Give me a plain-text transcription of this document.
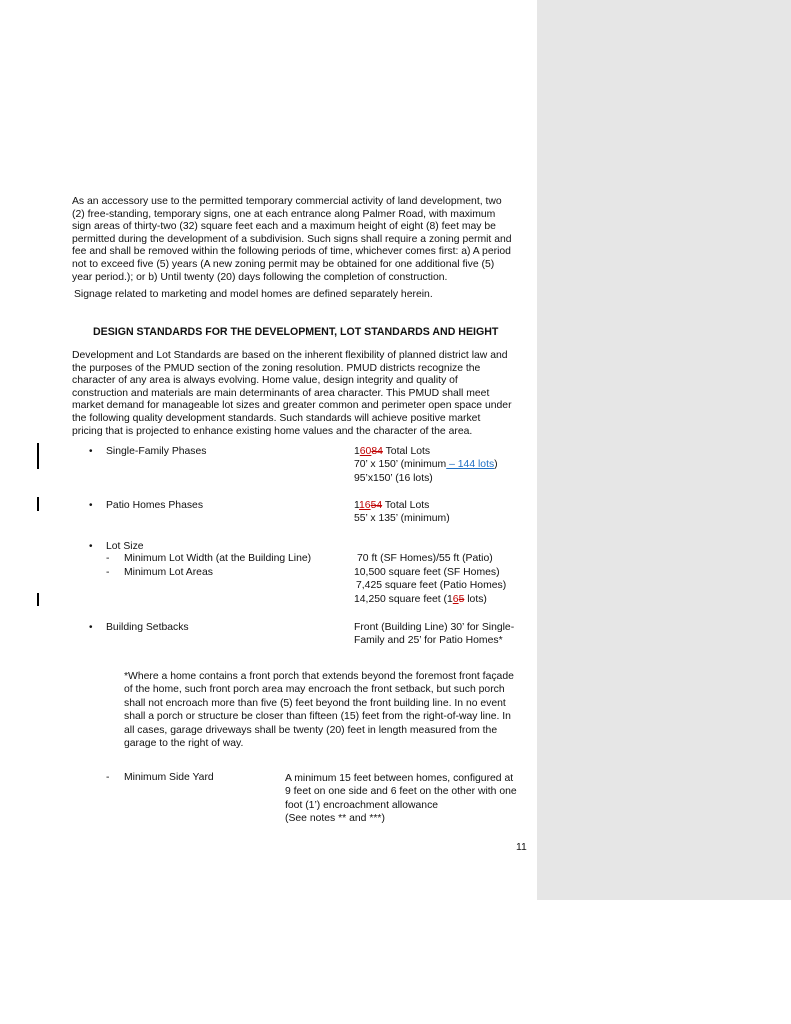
As an accessory use to the permitted temporary commercial activity of land development, two
(2) free-standing, temporary signs, one at each entrance along Palmer Road, with maximum
sign areas of thirty-two (32) square feet each and a maximum height of eight (8) feet may be
permitted during the development of a subdivision. Such signs shall require a zoning permit and
fee and shall be removed within the following periods of time, whichever comes first: a) A period
not to exceed five (5) years (A new zoning permit may be obtained for one additional five (5)
year period.); or b) Until twenty (20) days following the completion of construction.
Signage related to marketing and model homes are defined separately herein.
DESIGN STANDARDS FOR THE DEVELOPMENT, LOT STANDARDS AND HEIGHT
Development and Lot Standards are based on the inherent flexibility of planned district law and
the purposes of the PMUD section of the zoning resolution. PMUD districts recognize the
character of any area is always evolving. Home value, design integrity and quality of
construction and materials are main determinants of area character. This PMUD shall meet
market demand for manageable lot sizes and greater common and perimeter open space under
the following quality development standards. Such standards will achieve positive market
pricing that is projected to enhance existing home values and the character of the area.
• Single-Family Phases	16084 Total Lots
70’ x 150’ (minimum – 144 lots)
95’x150’ (16 lots)
• Patio Homes Phases	11654 Total Lots
55’ x 135’ (minimum)
• Lot Size
- Minimum Lot Width (at the Building Line)	70 ft (SF Homes)/55 ft (Patio)
- Minimum Lot Areas	10,500 square feet (SF Homes)
7,425 square feet (Patio Homes)
14,250 square feet (165 lots)
• Building Setbacks	Front (Building Line) 30’ for Single-
Family and 25’ for Patio Homes*
*Where a home contains a front porch that extends beyond the foremost front façade
of the home, such front porch area may encroach the front setback, but such porch
shall not encroach more than five (5) feet beyond the front building line. In no event
shall a porch or structure be closer than fifteen (15) feet from the right-of-way line. In
all cases, garage driveways shall be twenty (20) feet in length measured from the
garage to the right of way.
- Minimum Side Yard	A minimum 15 feet between homes, configured at
9 feet on one side and 6 feet on the other with one
foot (1’) encroachment allowance
(See notes ** and ***)
11
